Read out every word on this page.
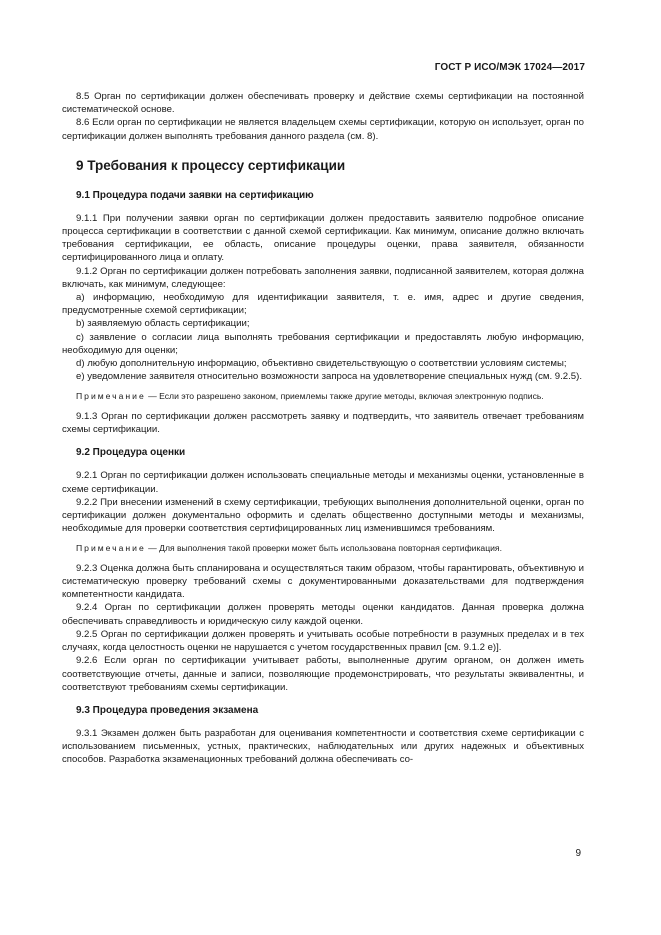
ГОСТ Р ИСО/МЭК 17024—2017

8.5 Орган по сертификации должен обеспечивать проверку и действие схемы сертификации на постоянной систематической основе.

8.6 Если орган по сертификации не является владельцем схемы сертификации, которую он использует, орган по сертификации должен выполнять требования данного раздела (см. 8).

9 Требования к процессу сертификации
9.1 Процедура подачи заявки на сертификацию

9.1.1 При получении заявки орган по сертификации должен предоставить заявителю подробное описание процесса сертификации в соответствии с данной схемой сертификации. Как минимум, описание должно включать требования сертификации, ее область, описание процедуры оценки, права заявителя, обязанности сертифицированного лица и оплату.

9.1.2 Орган по сертификации должен потребовать заполнения заявки, подписанной заявителем, которая должна включать, как минимум, следующее:

a) информацию, необходимую для идентификации заявителя, т. е. имя, адрес и другие сведения, предусмотренные схемой сертификации;

b) заявляемую область сертификации;

c) заявление о согласии лица выполнять требования сертификации и предоставлять любую информацию, необходимую для оценки;

d) любую дополнительную информацию, объективно свидетельствующую о соответствии условиям системы;

e) уведомление заявителя относительно возможности запроса на удовлетворение специальных нужд (см. 9.2.5).

Примечание — Если это разрешено законом, приемлемы также другие методы, включая электронную подпись.

9.1.3 Орган по сертификации должен рассмотреть заявку и подтвердить, что заявитель отвечает требованиям схемы сертификации.

9.2 Процедура оценки

9.2.1 Орган по сертификации должен использовать специальные методы и механизмы оценки, установленные в схеме сертификации.

9.2.2 При внесении изменений в схему сертификации, требующих выполнения дополнительной оценки, орган по сертификации должен документально оформить и сделать общественно доступными методы и механизмы, необходимые для проверки соответствия сертифицированных лиц изменившимся требованиям.

Примечание — Для выполнения такой проверки может быть использована повторная сертификация.

9.2.3 Оценка должна быть спланирована и осуществляться таким образом, чтобы гарантировать, объективную и систематическую проверку требований схемы с документированными доказательствами для подтверждения компетентности кандидата.

9.2.4 Орган по сертификации должен проверять методы оценки кандидатов. Данная проверка должна обеспечивать справедливость и юридическую силу каждой оценки.

9.2.5 Орган по сертификации должен проверять и учитывать особые потребности в разумных пределах и в тех случаях, когда целостность оценки не нарушается с учетом государственных правил [см. 9.1.2 е)].

9.2.6 Если орган по сертификации учитывает работы, выполненные другим органом, он должен иметь соответствующие отчеты, данные и записи, позволяющие продемонстрировать, что результаты эквивалентны, и соответствуют требованиям схемы сертификации.

9.3 Процедура проведения экзамена

9.3.1 Экзамен должен быть разработан для оценивания компетентности и соответствия схеме сертификации с использованием письменных, устных, практических, наблюдательных или других надежных и объективных способов. Разработка экзаменационных требований должна обеспечивать со-

9
